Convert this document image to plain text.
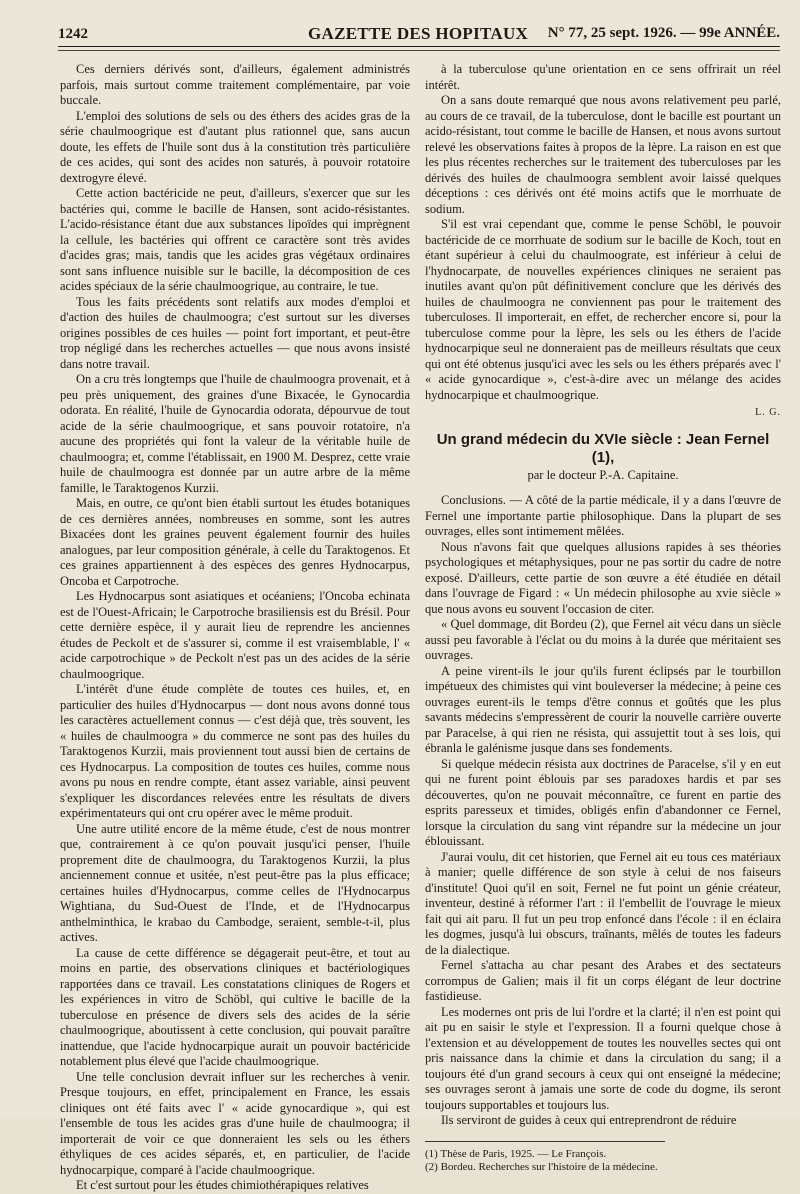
1242	GAZETTE DES HOPITAUX N° 77, 25 sept. 1926. — 99e ANNÉE.

Ces derniers dérivés sont, d'ailleurs, également administrés parfois, mais surtout comme traitement complémentaire, par voie buccale.

L'emploi des solutions de sels ou des éthers des acides gras de la série chaulmoogrique est d'autant plus rationnel que, sans aucun doute, les effets de l'huile sont dus à la constitution très particulière de ces acides, qui sont des acides non saturés, à pouvoir rotatoire dextrogyre élevé.

Cette action bactéricide ne peut, d'ailleurs, s'exercer que sur les bactéries qui, comme le bacille de Hansen, sont acido-résistantes. L'acido-résistance étant due aux substances lipoïdes qui imprègnent la cellule, les bactéries qui offrent ce caractère sont très avides d'acides gras; mais, tandis que les acides gras végétaux ordinaires sont sans influence nuisible sur le bacille, la décomposition de ces acides spéciaux de la série chaulmoogrique, au contraire, le tue.

Tous les faits précédents sont relatifs aux modes d'emploi et d'action des huiles de chaulmoogra; c'est surtout sur les diverses origines possibles de ces huiles — point fort important, et peut-être trop négligé dans les recherches actuelles — que nous avons insisté dans notre travail.

On a cru très longtemps que l'huile de chaulmoogra provenait, et à peu près uniquement, des graines d'une Bixacée, le Gynocardia odorata. En réalité, l'huile de Gynocardia odorata, dépourvue de tout acide de la série chaulmoogrique, et sans pouvoir rotatoire, n'a aucune des propriétés qui font la valeur de la véritable huile de chaulmoogra; et, comme l'établissait, en 1900 M. Desprez, cette vraie huile de chaulmoogra est donnée par un autre arbre de la même famille, le Taraktogenos Kurzii.

Mais, en outre, ce qu'ont bien établi surtout les études botaniques de ces dernières années, nombreuses en somme, sont les autres Bixacées dont les graines peuvent également fournir des huiles analogues, par leur composition générale, à celle du Taraktogenos. Et ces graines appartiennent à des espèces des genres Hydnocarpus, Oncoba et Carpotroche.

Les Hydnocarpus sont asiatiques et océaniens; l'Oncoba echinata est de l'Ouest-Africain; le Carpotroche brasiliensis est du Brésil. Pour cette dernière espèce, il y aurait lieu de reprendre les anciennes études de Peckolt et de s'assurer si, comme il est vraisemblable, l' « acide carpotrochique » de Peckolt n'est pas un des acides de la série chaulmoogrique.

L'intérêt d'une étude complète de toutes ces huiles, et, en particulier des huiles d'Hydnocarpus — dont nous avons donné tous les caractères actuellement connus — c'est déjà que, très souvent, les « huiles de chaulmoogra » du commerce ne sont pas des huiles du Taraktogenos Kurzii, mais proviennent tout aussi bien de certains de ces Hydnocarpus. La composition de toutes ces huiles, comme nous avons pu nous en rendre compte, étant assez variable, ainsi peuvent s'expliquer les discordances relevées entre les résultats de divers expérimentateurs qui ont cru opérer avec le même produit.

Une autre utilité encore de la même étude, c'est de nous montrer que, contrairement à ce qu'on pouvait jusqu'ici penser, l'huile proprement dite de chaulmoogra, du Taraktogenos Kurzii, la plus anciennement connue et usitée, n'est peut-être pas la plus efficace; certaines huiles d'Hydnocarpus, comme celles de l'Hydnocarpus Wightiana, du Sud-Ouest de l'Inde, et de l'Hydnocarpus anthelminthica, le krabao du Cambodge, seraient, semble-t-il, plus actives.

La cause de cette différence se dégagerait peut-être, et tout au moins en partie, des observations cliniques et bactériologiques rapportées dans ce travail. Les constatations cliniques de Rogers et les expériences in vitro de Schöbl, qui cultive le bacille de la tuberculose en présence de divers sels des acides de la série chaulmoogrique, aboutissent à cette conclusion, qui pouvait paraître inattendue, que l'acide hydnocarpique aurait un pouvoir bactéricide notablement plus élevé que l'acide chaulmoogrique.

Une telle conclusion devrait influer sur les recherches à venir. Presque toujours, en effet, principalement en France, les essais cliniques ont été faits avec l' « acide gynocardique », qui est l'ensemble de tous les acides gras d'une huile de chaulmoogra; il importerait de voir ce que donneraient les sels ou les éthers éthyliques de ces acides séparés, et, en particulier, de l'acide hydnocarpique, comparé à l'acide chaulmoogrique.

Et c'est surtout pour les études chimiothérapiques relatives

à la tuberculose qu'une orientation en ce sens offrirait un réel intérêt.

On a sans doute remarqué que nous avons relativement peu parlé, au cours de ce travail, de la tuberculose, dont le bacille est pourtant un acido-résistant, tout comme le bacille de Hansen, et nous avons surtout relevé les observations faites à propos de la lèpre. La raison en est que les plus récentes recherches sur le traitement des tuberculoses par les dérivés des huiles de chaulmoogra semblent avoir laissé quelques déceptions : ces dérivés ont été moins actifs que le morrhuate de sodium.

S'il est vrai cependant que, comme le pense Schöbl, le pouvoir bactéricide de ce morrhuate de sodium sur le bacille de Koch, tout en étant supérieur à celui du chaulmoograte, est inférieur à celui de l'hydnocarpate, de nouvelles expériences cliniques ne seraient pas inutiles avant qu'on pût définitivement conclure que les dérivés des huiles de chaulmoogra ne conviennent pas pour le traitement des tuberculoses. Il importerait, en effet, de rechercher encore si, pour la tuberculose comme pour la lèpre, les sels ou les éthers de l'acide hydnocarpique seul ne donneraient pas de meilleurs résultats que ceux qui ont été obtenus jusqu'ici avec les sels ou les éthers préparés avec l' « acide gynocardique », c'est-à-dire avec un mélange des acides hydnocarpique et chaulmoogrique.

L. G.
Un grand médecin du XVIe siècle : Jean Fernel (1),
par le docteur P.-A. Capitaine.

Conclusions. — A côté de la partie médicale, il y a dans l'œuvre de Fernel une importante partie philosophique. Dans la plupart de ses ouvrages, elles sont intimement mêlées.

Nous n'avons fait que quelques allusions rapides à ses théories psychologiques et métaphysiques, pour ne pas sortir du cadre de notre exposé. D'ailleurs, cette partie de son œuvre a été étudiée en détail dans l'ouvrage de Figard : « Un médecin philosophe au xvie siècle » que nous avons eu souvent l'occasion de citer.

« Quel dommage, dit Bordeu (2), que Fernel ait vécu dans un siècle aussi peu favorable à l'éclat ou du moins à la durée que méritaient ses ouvrages.

A peine virent-ils le jour qu'ils furent éclipsés par le tourbillon impétueux des chimistes qui vint bouleverser la médecine; à peine ces ouvrages eurent-ils le temps d'être connus et goûtés que les plus savants médecins s'empressèrent de courir la nouvelle carrière ouverte par Paracelse, à qui rien ne résista, qui assujettit tout à ses lois, qui ébranla le galénisme jusque dans ses fondements.

Si quelque médecin résista aux doctrines de Paracelse, s'il y en eut qui ne furent point éblouis par ses paradoxes hardis et par ses découvertes, qu'on ne pouvait méconnaître, ce furent en partie des esprits paresseux et timides, obligés enfin d'abandonner ce Fernel, lorsque la circulation du sang vint répandre sur la médecine un jour éblouissant.

J'aurai voulu, dit cet historien, que Fernel ait eu tous ces matériaux à manier; quelle différence de son style à celui de nos faiseurs d'institute! Quoi qu'il en soit, Fernel ne fut point un génie créateur, inventeur, destiné à réformer l'art : il l'embellit de l'ouvrage le mieux fait qui ait paru. Il fut un peu trop enfoncé dans l'école : il en éclaira les dogmes, jusqu'à lui obscurs, traînants, mêlés de toutes les fadeurs de la dialectique.

Fernel s'attacha au char pesant des Arabes et des sectateurs corrompus de Galien; mais il fit un corps élégant de leur doctrine fastidieuse.

Les modernes ont pris de lui l'ordre et la clarté; il n'en est point qui ait pu en saisir le style et l'expression. Il a fourni quelque chose à l'extension et au développement de toutes les nouvelles sectes qui ont pris naissance dans la chimie et dans la circulation du sang; il a toujours été d'un grand secours à ceux qui ont enseigné la médecine; ses ouvrages seront à jamais une sorte de code du dogme, ils seront toujours supportables et toujours lus.

Ils serviront de guides à ceux qui entreprendront de réduire

(1) Thèse de Paris, 1925. — Le François.

(2) Bordeu. Recherches sur l'histoire de la médecine.
